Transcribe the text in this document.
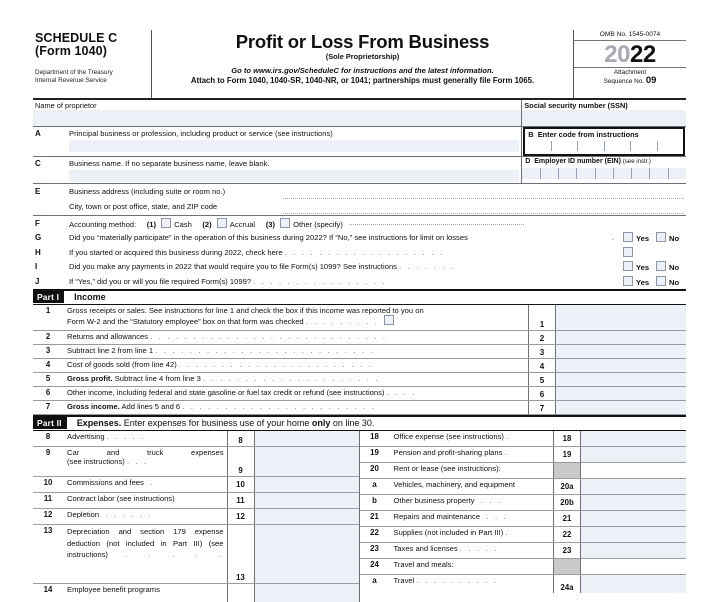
SCHEDULE C
(Form 1040)
Department of the Treasury
Internal Revenue Service
Profit or Loss From Business
(Sole Proprietorship)
Go to www.irs.gov/ScheduleC for instructions and the latest information.
Attach to Form 1040, 1040-SR, 1040-NR, or 1041; partnerships must generally file Form 1065.
OMB No. 1545-0074
2022
Attachment
Sequence No. 09
Name of proprietor	Social security number (SSN)
A	Principal business or profession, including product or service (see instructions)	B Enter code from instructions
C	Business name. If no separate business name, leave blank.	D Employer ID number (EIN) (see instr.)
E	Business address (including suite or room no.)
City, town or post office, state, and ZIP code
F	Accounting method: (1) Cash (2) Accrual (3) Other (specify)
G	Did you “materially participate” in the operation of this business during 2022? If “No,” see instructions for limit on losses	.	Yes	No
H	If you started or acquired this business during 2022, check here . . . . . . . . . . . . . . . . . . .
I	Did you make any payments in 2022 that would require you to file Form(s) 1099? See instructions . . . . . . .	Yes	No
J	If “Yes,” did you or will you file required Form(s) 1099? . . . . . . . . . . . . . . . .	Yes	No
Part I	Income
1	Gross receipts or sales. See instructions for line 1 and check the box if this income was reported to you on
Form W-2 and the “Statutory employee” box on that form was checked . . . . . . . . .	1
2	Returns and allowances . . . . . . . . . . . . . . . . . . . . . . . . . . . .	2
3	Subtract line 2 from line 1 . . . . . . . . . . . . . . . . . . . . . . . . . .	3
4	Cost of goods sold (from line 42) . . . . . . . . . . . . . . . . . . . . . . .	4
5	Gross profit. Subtract line 4 from line 3 . . . . . . . . . . . . . . . . . . . . .	5
6	Other income, including federal and state gasoline or fuel tax credit or refund (see instructions) . . . .	6
7	Gross income. Add lines 5 and 6 . . . . . . . . . . . . . . . . . . . . . . .	7
Part II	Expenses. Enter expenses for business use of your home only on line 30.
8	Advertising . . . . .	8
9	Car and truck expenses
(see instructions) . . .
9
10	Commissions and fees .	10
11	Contract labor (see instructions)	11
12	Depletion . . . . . .	12
13	Depreciation and section 179 expense deduction (not included in Part III) (see instructions) . . . . .
13
14	Employee benefit programs
18	Office expense (see instructions) .	18
19	Pension and profit-sharing plans .	19
20	Rent or lease (see instructions):
a	Vehicles, machinery, and equipment	20a
b	Other business property . . .	20b
21	Repairs and maintenance . . .	21
22	Supplies (not included in Part III) .	22
23	Taxes and licenses . . . . .	23
24	Travel and meals:
a	Travel . . . . . . . . . .
24a
